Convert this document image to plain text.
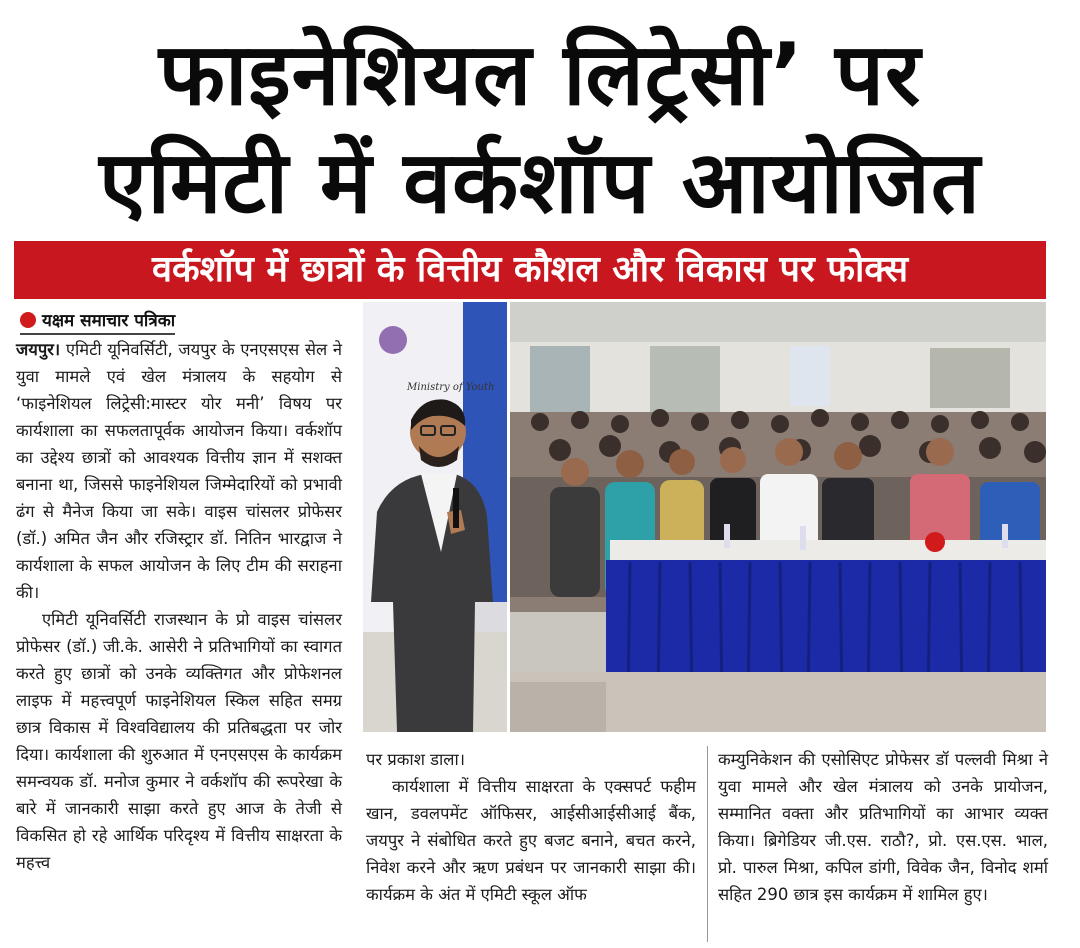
फाइनेशियल लिट्रेसी’ पर
एमिटी में वर्कशॉप आयोजित
वर्कशॉप में छात्रों के वित्तीय कौशल और विकास पर फोक्स
यक्षम समाचार पत्रिका

जयपुर। एमिटी यूनिवर्सिटी, जयपुर के एनएसएस सेल ने युवा मामले एवं खेल मंत्रालय के सहयोग से ‘फाइनेशियल लिट्रेसी:मास्टर योर मनी’ विषय पर कार्यशाला का सफलतापूर्वक आयोजन किया। वर्कशॉप का उद्देश्य छात्रों को आवश्यक वित्तीय ज्ञान में सशक्त बनाना था, जिससे फाइनेशियल जिम्मेदारियों को प्रभावी ढंग से मैनेज किया जा सके। वाइस चांसलर प्रोफेसर (डॉ.) अमित जैन और रजिस्ट्रार डॉ. नितिन भारद्वाज ने कार्यशाला के सफल आयोजन के लिए टीम की सराहना की।

एमिटी यूनिवर्सिटी राजस्थान के प्रो वाइस चांसलर प्रोफेसर (डॉ.) जी.के. आसेरी ने प्रतिभागियों का स्वागत करते हुए छात्रों को उनके व्यक्तिगत और प्रोफेशनल लाइफ में महत्त्वपूर्ण फाइनेशियल स्किल सहित समग्र छात्र विकास में विश्वविद्यालय की प्रतिबद्धता पर जोर दिया। कार्यशाला की शुरुआत में एनएसएस के कार्यक्रम समन्वयक डॉ. मनोज कुमार ने वर्कशॉप की रूपरेखा के बारे में जानकारी साझा करते हुए आज के तेजी से विकसित हो रहे आर्थिक परिदृश्य में वित्तीय साक्षरता के महत्त्व

Ministry of Youth

पर प्रकाश डाला।

कार्यशाला में वित्तीय साक्षरता के एक्सपर्ट फहीम खान, डवलपमेंट ऑफिसर, आईसीआईसीआई बैंक, जयपुर ने संबोधित करते हुए बजट बनाने, बचत करने, निवेश करने और ऋण प्रबंधन पर जानकारी साझा की। कार्यक्रम के अंत में एमिटी स्कूल ऑफ

कम्युनिकेशन की एसोसिएट प्रोफेसर डॉ पल्लवी मिश्रा ने युवा मामले और खेल मंत्रालय को उनके प्रायोजन, सम्मानित वक्ता और प्रतिभागियों का आभार व्यक्त किया। ब्रिगेडियर जी.एस. राठौ?, प्रो. एस.एस. भाल, प्रो. पारुल मिश्रा, कपिल डांगी, विवेक जैन, विनोद शर्मा सहित 290 छात्र इस कार्यक्रम में शामिल हुए।
